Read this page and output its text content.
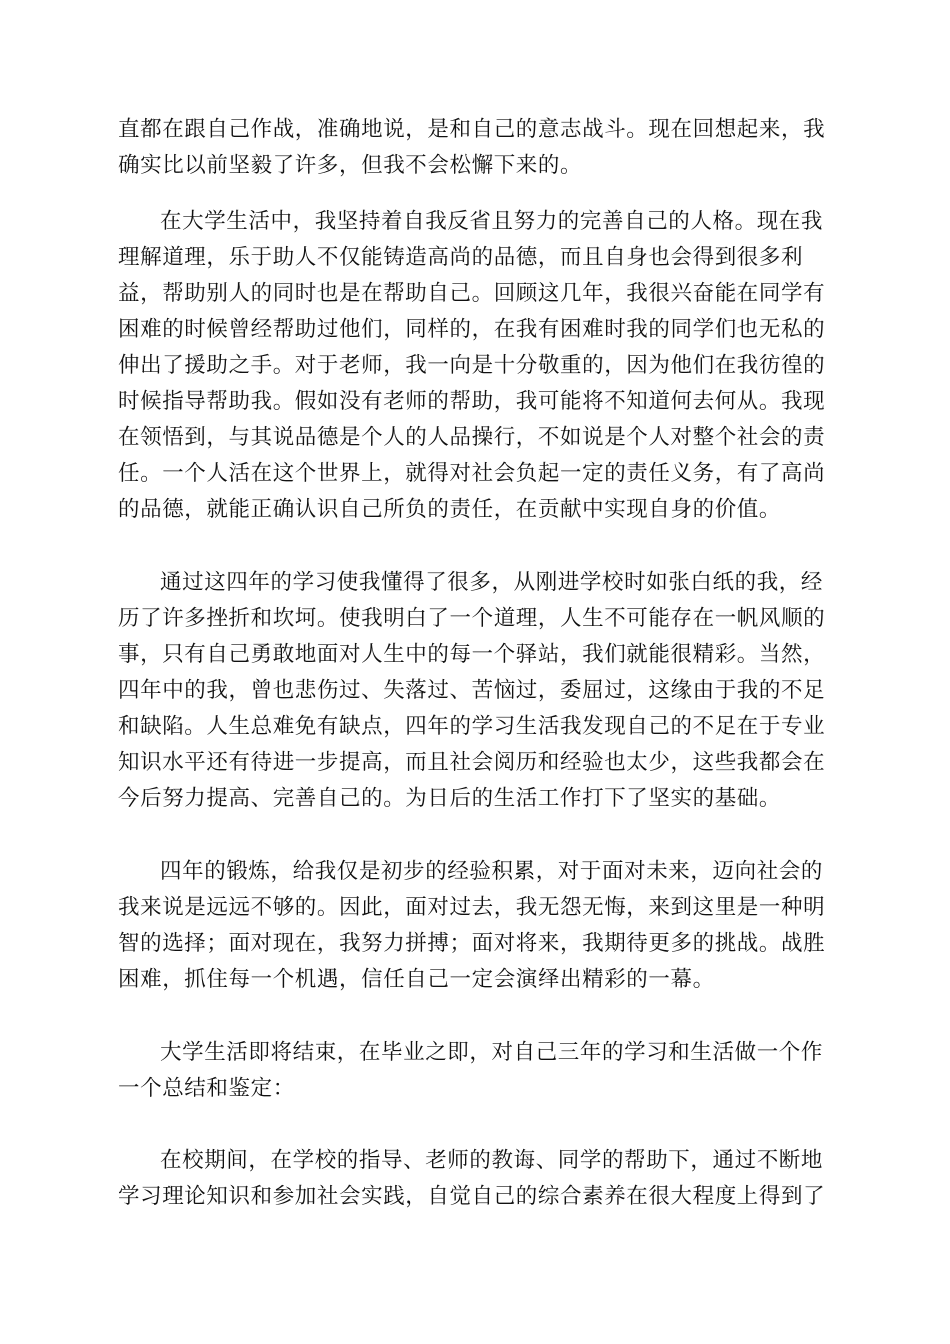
直都在跟自己作战，准确地说，是和自己的意志战斗。现在回想起来，我
确实比以前坚毅了许多，但我不会松懈下来的。
在大学生活中，我坚持着自我反省且努力的完善自己的人格。现在我
理解道理，乐于助人不仅能铸造高尚的品德，而且自身也会得到很多利
益，帮助别人的同时也是在帮助自己。回顾这几年，我很兴奋能在同学有
困难的时候曾经帮助过他们，同样的，在我有困难时我的同学们也无私的
伸出了援助之手。对于老师，我一向是十分敬重的，因为他们在我彷徨的
时候指导帮助我。假如没有老师的帮助，我可能将不知道何去何从。我现
在领悟到，与其说品德是个人的人品操行，不如说是个人对整个社会的责
任。一个人活在这个世界上，就得对社会负起一定的责任义务，有了高尚
的品德，就能正确认识自己所负的责任，在贡献中实现自身的价值。
通过这四年的学习使我懂得了很多，从刚进学校时如张白纸的我，经
历了许多挫折和坎坷。使我明白了一个道理，人生不可能存在一帆风顺的
事，只有自己勇敢地面对人生中的每一个驿站，我们就能很精彩。当然，
四年中的我，曾也悲伤过、失落过、苦恼过，委屈过，这缘由于我的不足
和缺陷。人生总难免有缺点，四年的学习生活我发现自己的不足在于专业
知识水平还有待进一步提高，而且社会阅历和经验也太少，这些我都会在
今后努力提高、完善自己的。为日后的生活工作打下了坚实的基础。
四年的锻炼，给我仅是初步的经验积累，对于面对未来，迈向社会的
我来说是远远不够的。因此，面对过去，我无怨无悔，来到这里是一种明
智的选择；面对现在，我努力拼搏；面对将来，我期待更多的挑战。战胜
困难，抓住每一个机遇，信任自己一定会演绎出精彩的一幕。
大学生活即将结束，在毕业之即，对自己三年的学习和生活做一个作
一个总结和鉴定：
在校期间，在学校的指导、老师的教诲、同学的帮助下，通过不断地
学习理论知识和参加社会实践，自觉自己的综合素养在很大程度上得到了
